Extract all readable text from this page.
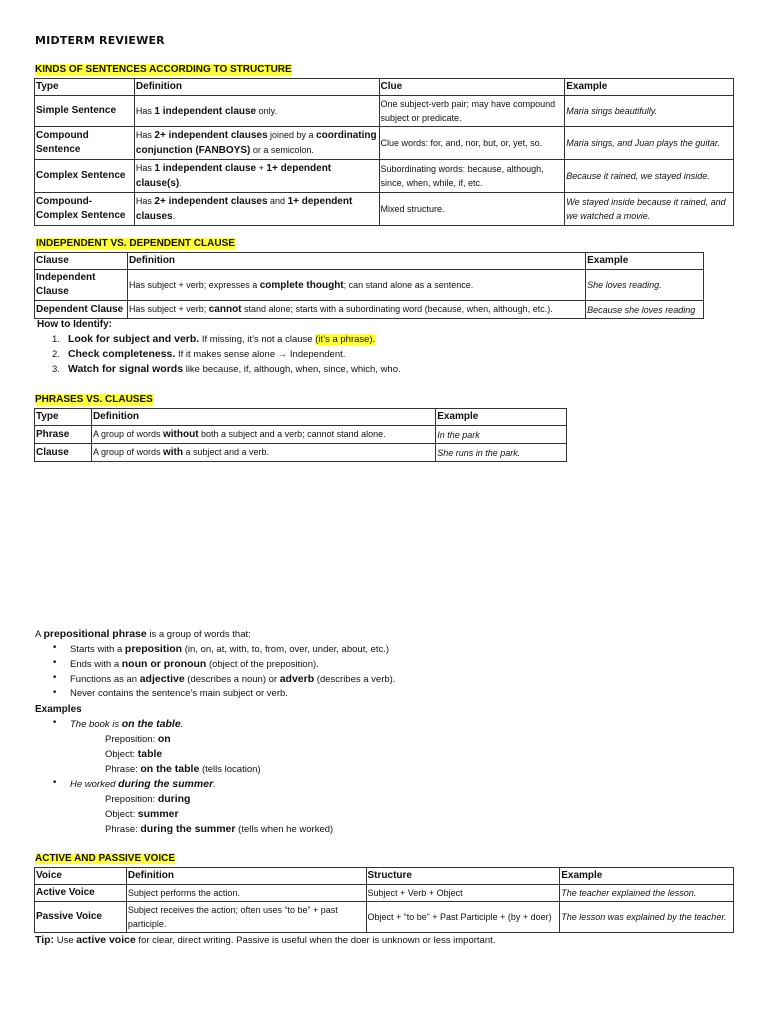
MIDTERM REVIEWER
KINDS OF SENTENCES ACCORDING TO STRUCTURE
Type	Definition	Clue	Example
Simple Sentence	Has 1 independent clause only.	One subject-verb pair; may have compound subject or predicate.	Maria sings beautifully.
Compound Sentence	Has 2+ independent clauses joined by a coordinating conjunction (FANBOYS) or a semicolon.	Clue words: for, and, nor, but, or, yet, so.	Maria sings, and Juan plays the guitar.
Complex Sentence	Has 1 independent clause + 1+ dependent clause(s).	Subordinating words: because, although, since, when, while, if, etc.	Because it rained, we stayed inside.
Compound-Complex Sentence	Has 2+ independent clauses and 1+ dependent clauses.	Mixed structure.	We stayed inside because it rained, and we watched a movie.
INDEPENDENT VS. DEPENDENT CLAUSE
Clause	Definition	Example
Independent Clause	Has subject + verb; expresses a complete thought; can stand alone as a sentence.	She loves reading.
Dependent Clause	Has subject + verb; cannot stand alone; starts with a subordinating word (because, when, although, etc.).	Because she loves reading
How to Identify:
1. Look for subject and verb. If missing, it’s not a clause (it’s a phrase).
2. Check completeness. If it makes sense alone → Independent.
3. Watch for signal words like because, if, although, when, since, which, who.
PHRASES VS. CLAUSES
Type	Definition	Example
Phrase	A group of words without both a subject and a verb; cannot stand alone.	In the park
Clause	A group of words with a subject and a verb.	She runs in the park.
A prepositional phrase is a group of words that:
• Starts with a preposition (in, on, at, with, to, from, over, under, about, etc.)
• Ends with a noun or pronoun (object of the preposition).
• Functions as an adjective (describes a noun) or adverb (describes a verb).
• Never contains the sentence’s main subject or verb.
Examples
• The book is on the table.
Preposition: on
Object: table
Phrase: on the table (tells location)
• He worked during the summer.
Preposition: during
Object: summer
Phrase: during the summer (tells when he worked)
ACTIVE AND PASSIVE VOICE
Voice	Definition	Structure	Example
Active Voice	Subject performs the action.	Subject + Verb + Object	The teacher explained the lesson.
Passive Voice	Subject receives the action; often uses “to be” + past participle.	Object + “to be” + Past Participle + (by + doer)	The lesson was explained by the teacher.
Tip: Use active voice for clear, direct writing. Passive is useful when the doer is unknown or less important.
